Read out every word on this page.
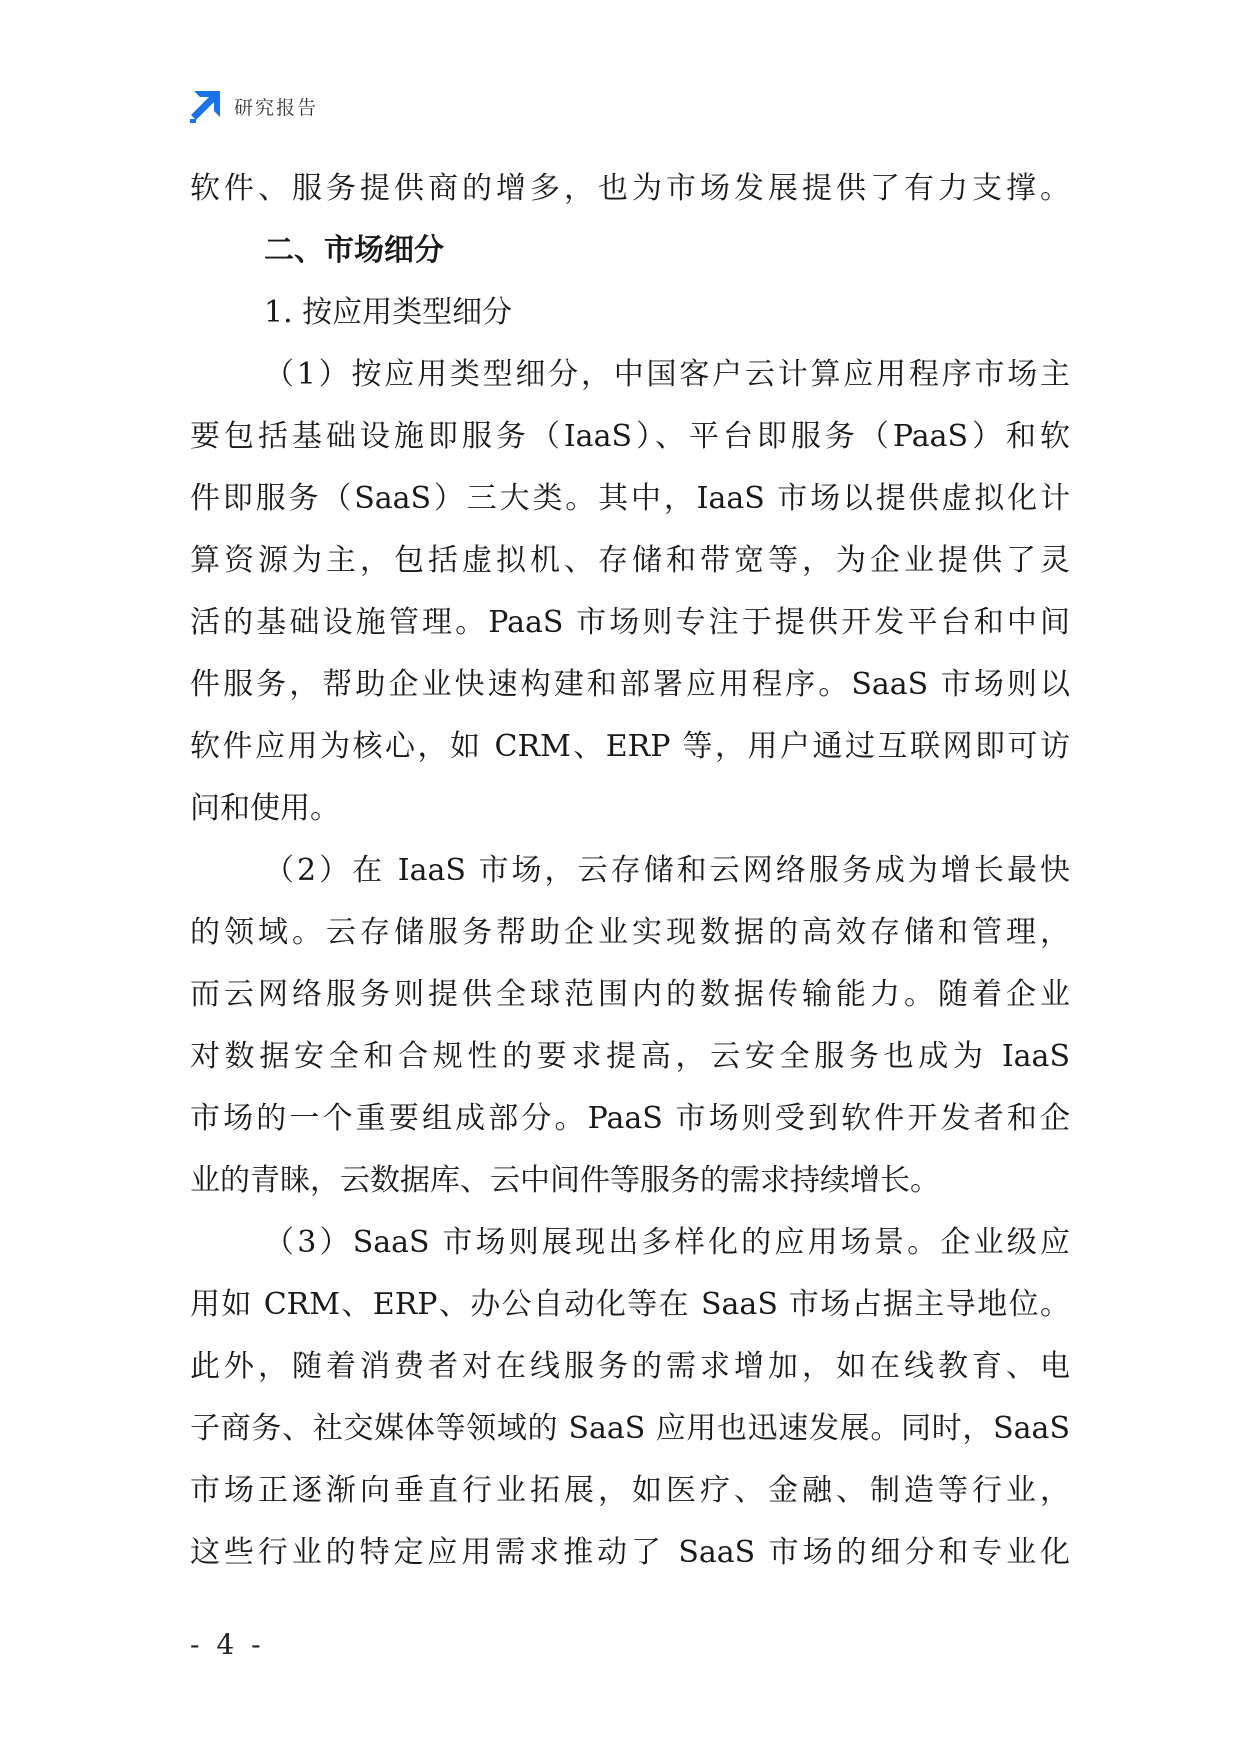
研究报告

软件、服务提供商的增多，也为市场发展提供了有力支撑。

二、市场细分

1. 按应用类型细分

（1）按应用类型细分，中国客户云计算应用程序市场主

要包括基础设施即服务（IaaS）、平台即服务（PaaS）和软

件即服务（SaaS）三大类。其中，IaaS 市场以提供虚拟化计

算资源为主，包括虚拟机、存储和带宽等，为企业提供了灵

活的基础设施管理。PaaS 市场则专注于提供开发平台和中间

件服务，帮助企业快速构建和部署应用程序。SaaS 市场则以

软件应用为核心，如 CRM、ERP 等，用户通过互联网即可访

问和使用。

（2）在 IaaS 市场，云存储和云网络服务成为增长最快

的领域。云存储服务帮助企业实现数据的高效存储和管理，

而云网络服务则提供全球范围内的数据传输能力。随着企业

对数据安全和合规性的要求提高，云安全服务也成为 IaaS

市场的一个重要组成部分。PaaS 市场则受到软件开发者和企

业的青睐，云数据库、云中间件等服务的需求持续增长。

（3）SaaS 市场则展现出多样化的应用场景。企业级应

用如 CRM、ERP、办公自动化等在 SaaS 市场占据主导地位。

此外，随着消费者对在线服务的需求增加，如在线教育、电

子商务、社交媒体等领域的 SaaS 应用也迅速发展。同时，SaaS

市场正逐渐向垂直行业拓展，如医疗、金融、制造等行业，

这些行业的特定应用需求推动了 SaaS 市场的细分和专业化

- 4 -
